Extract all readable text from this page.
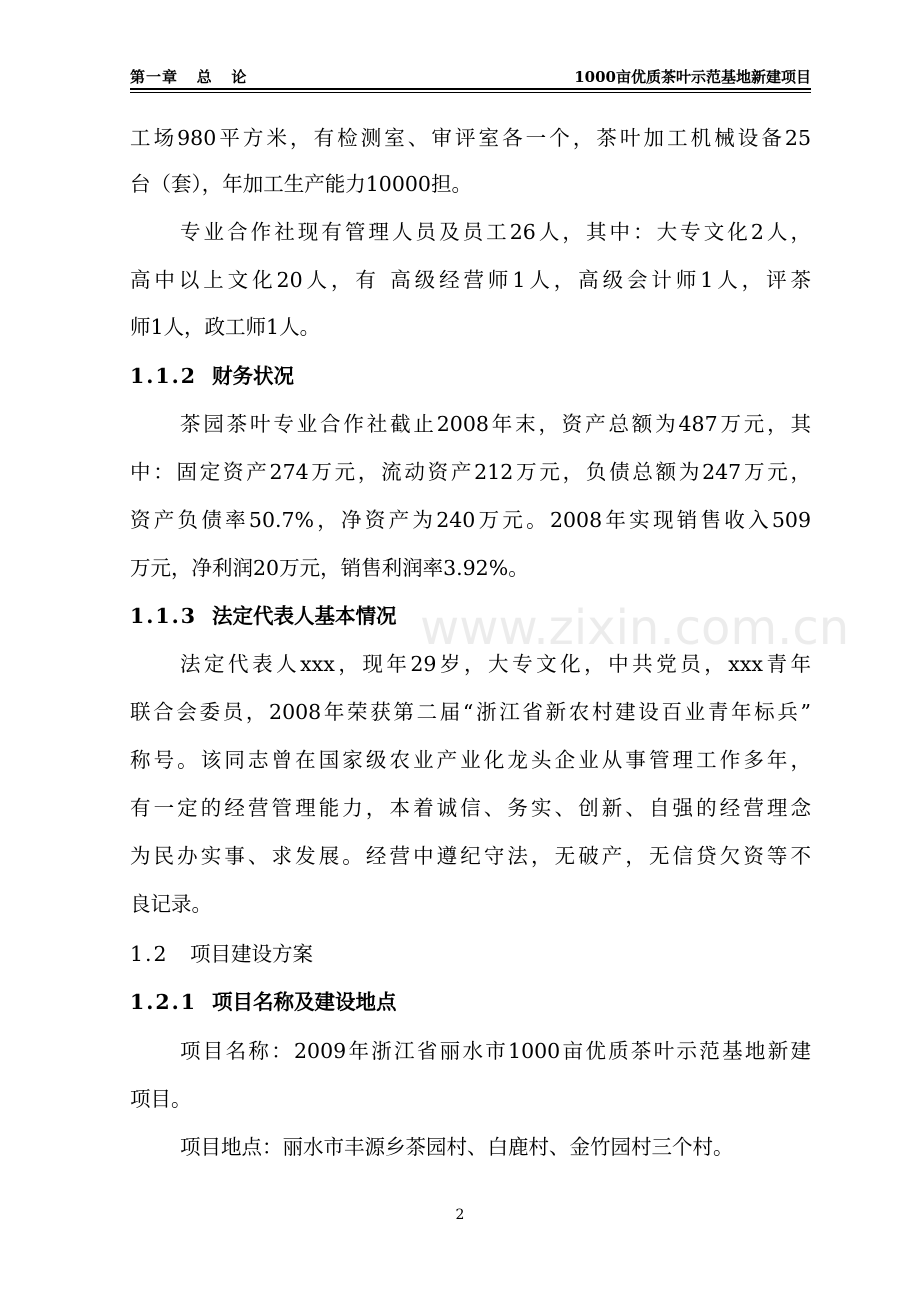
第一章   总   论	1000亩优质茶叶示范基地新建项目
工场980平方米，有检测室、审评室各一个，茶叶加工机械设备25
台（套），年加工生产能力10000担。
专业合作社现有管理人员及员工26人，其中：大专文化2人，
高中以上文化20人，有 高级经营师1人，高级会计师1人，评茶
师1人，政工师1人。
1.1.2 财务状况
茶园茶叶专业合作社截止2008年末，资产总额为487万元，其
中：固定资产274万元，流动资产212万元，负债总额为247万元，
资产负债率50.7%，净资产为240万元。2008年实现销售收入509
万元，净利润20万元，销售利润率3.92%。
1.1.3 法定代表人基本情况 www.zixin.com.cn
法定代表人xxx，现年29岁，大专文化，中共党员，xxx青年
联合会委员，2008年荣获第二届“浙江省新农村建设百业青年标兵”
称号。该同志曾在国家级农业产业化龙头企业从事管理工作多年，
有一定的经营管理能力，本着诚信、务实、创新、自强的经营理念
为民办实事、求发展。经营中遵纪守法，无破产，无信贷欠资等不
良记录。
1.2 项目建设方案
1.2.1 项目名称及建设地点
项目名称：2009年浙江省丽水市1000亩优质茶叶示范基地新建
项目。
项目地点：丽水市丰源乡茶园村、白鹿村、金竹园村三个村。
2
